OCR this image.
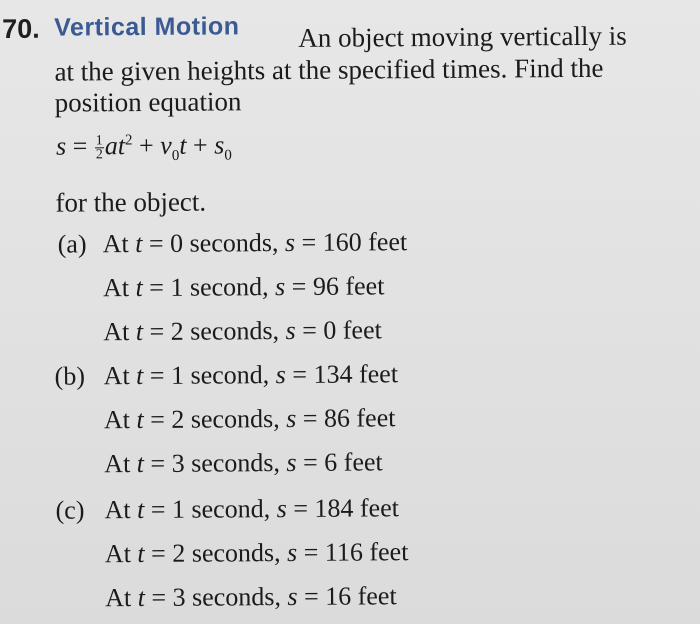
70. Vertical Motion An object moving vertically is
at the given heights at the specified times. Find the
position equation
$s = \frac{1}{2} at^2 + v_0t + s_0$
for the object.
(a) At t = 0 seconds, s = 160 feet
At t = 1 second, s = 96 feet
At t = 2 seconds, s = 0 feet
(b) At t = 1 second, s = 134 feet
At t = 2 seconds, s = 86 feet
At t = 3 seconds, s = 6 feet
(c) At t = 1 second, s = 184 feet
At t = 2 seconds, s = 116 feet
At t = 3 seconds, s = 16 feet
